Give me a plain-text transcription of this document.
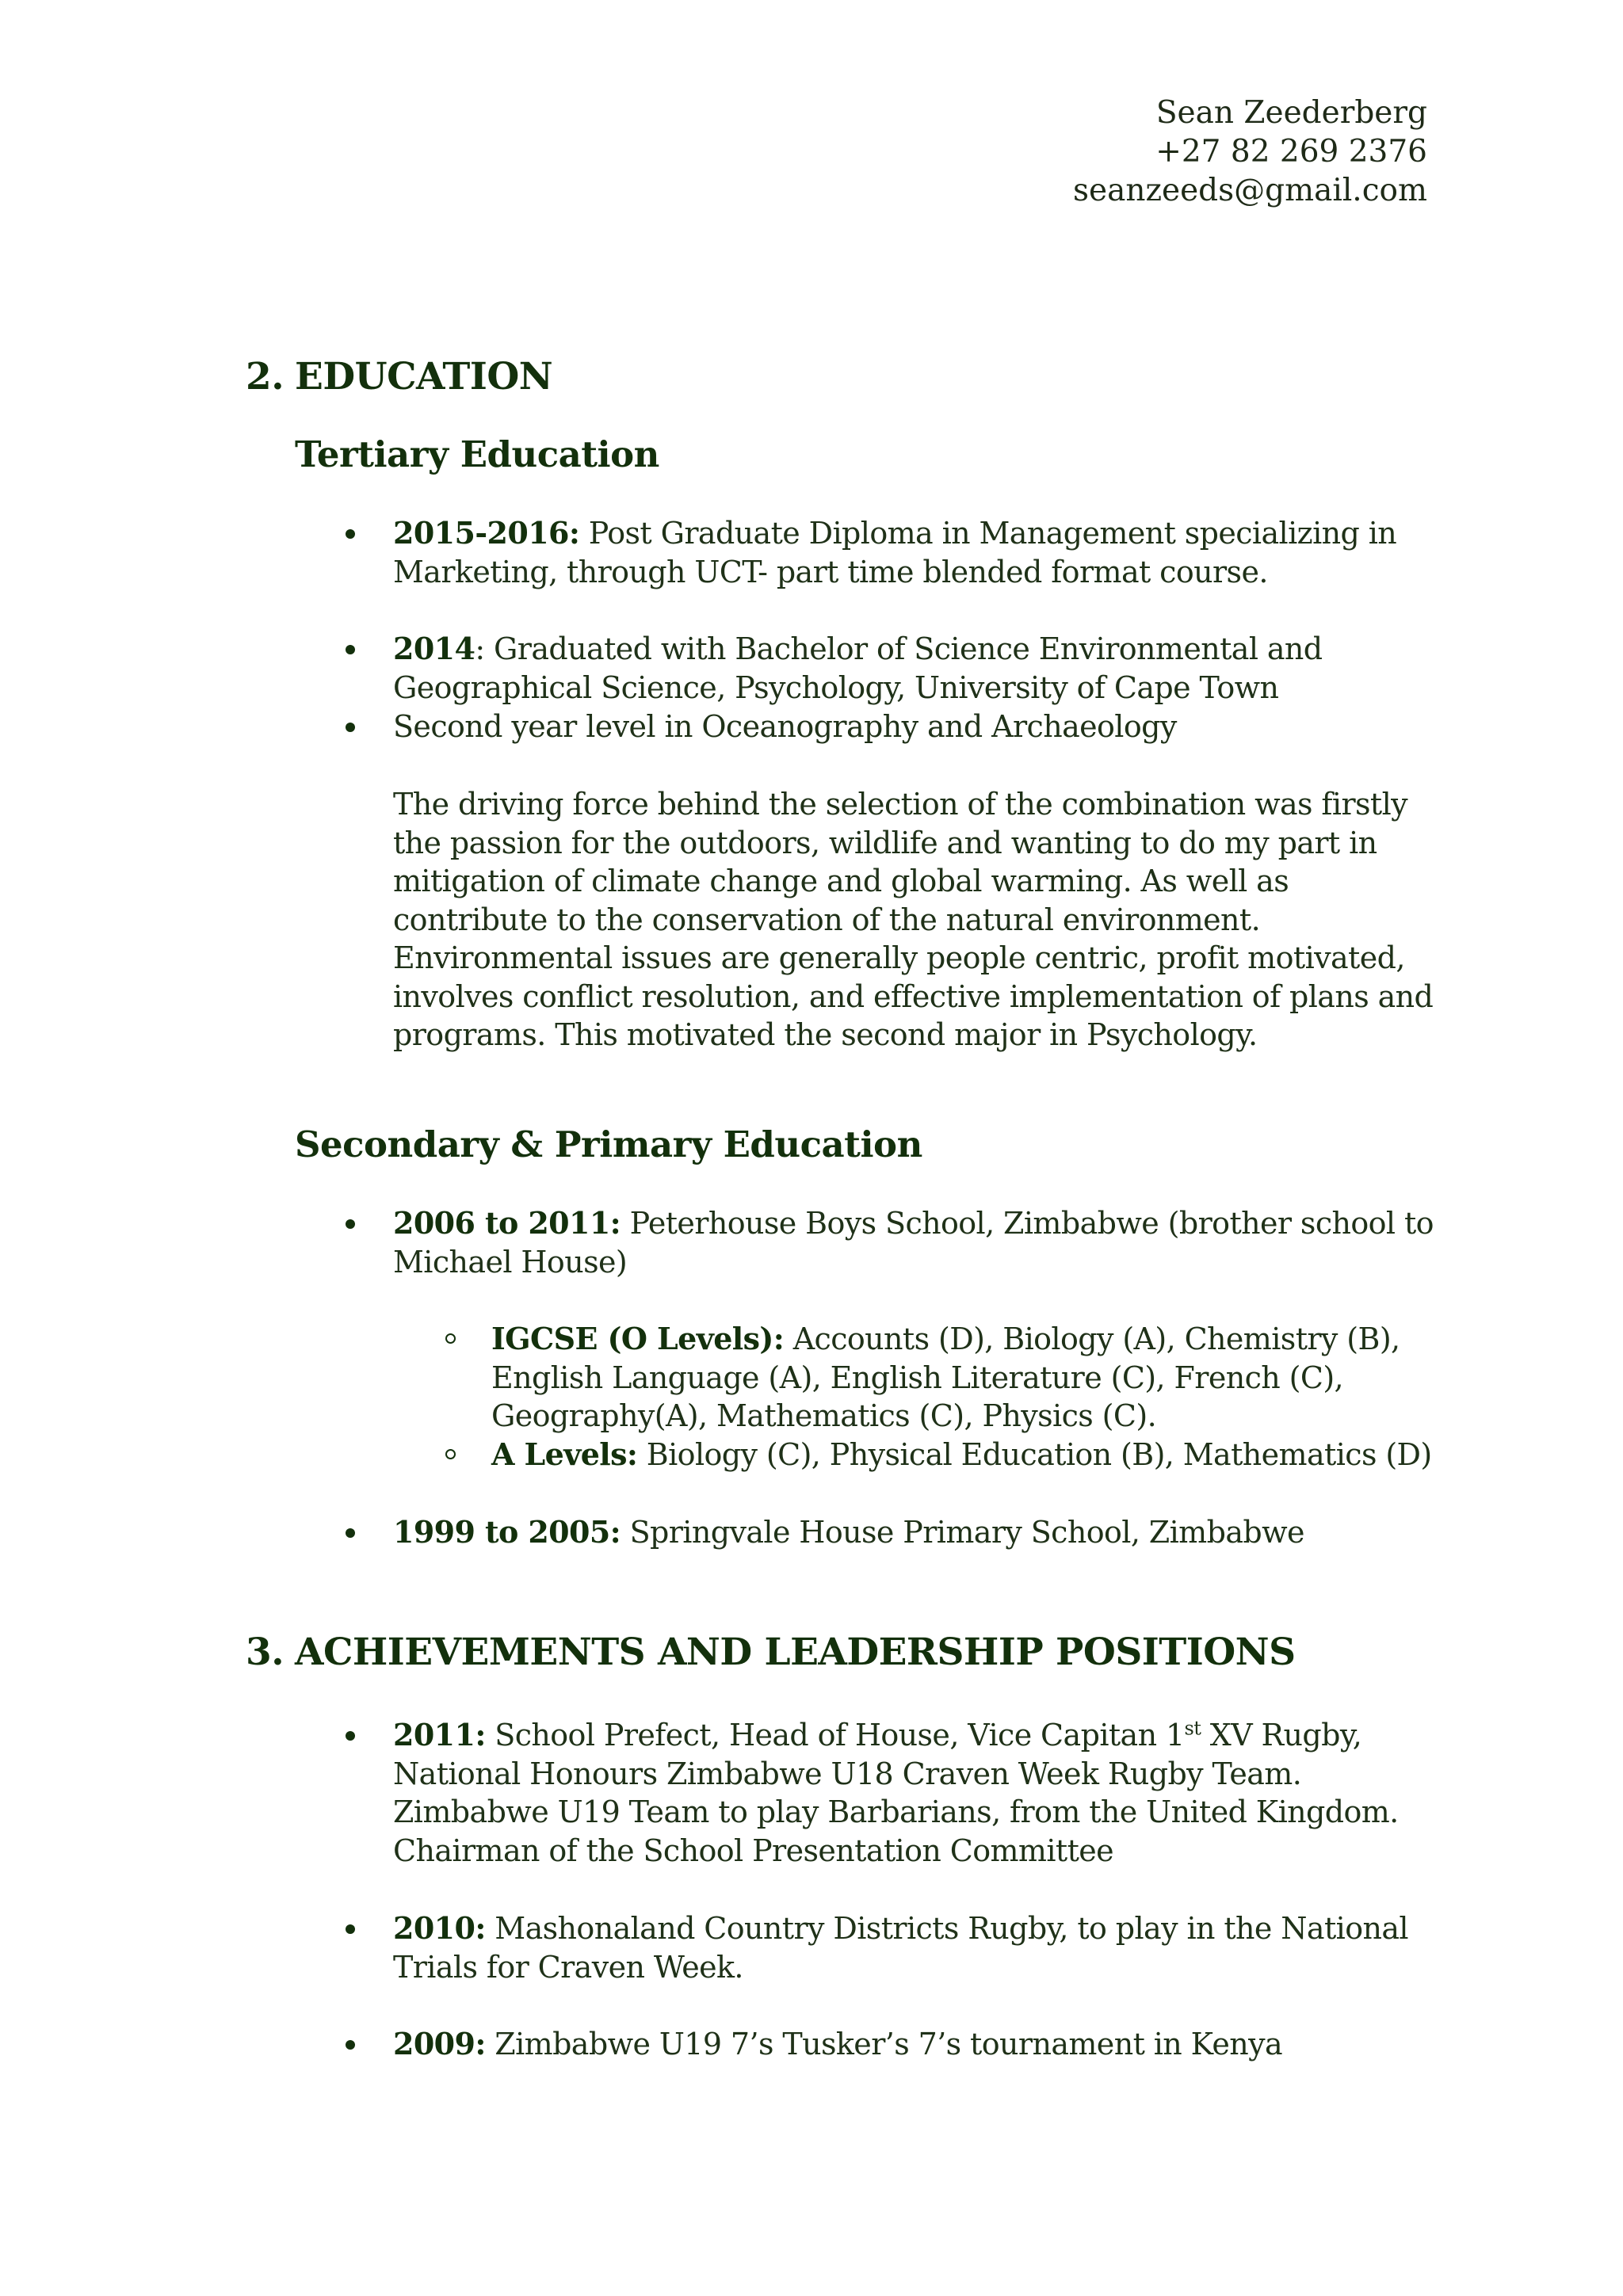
Sean Zeederberg
+27 82 269 2376
seanzeeds@gmail.com
2. EDUCATION
Tertiary Education
2015-2016: Post Graduate Diploma in Management specializing in Marketing, through UCT- part time blended format course.
2014: Graduated with Bachelor of Science Environmental and Geographical Science, Psychology, University of Cape Town
Second year level in Oceanography and Archaeology
The driving force behind the selection of the combination was firstly the passion for the outdoors, wildlife and wanting to do my part in mitigation of climate change and global warming. As well as contribute to the conservation of the natural environment. Environmental issues are generally people centric, profit motivated, involves conflict resolution, and effective implementation of plans and programs. This motivated the second major in Psychology.
Secondary & Primary Education
2006 to 2011: Peterhouse Boys School, Zimbabwe (brother school to Michael House)
IGCSE (O Levels): Accounts (D), Biology (A), Chemistry (B), English Language (A), English Literature (C), French (C), Geography(A), Mathematics (C), Physics (C).
A Levels: Biology (C), Physical Education (B), Mathematics (D)
1999 to 2005: Springvale House Primary School, Zimbabwe
3. ACHIEVEMENTS AND LEADERSHIP POSITIONS
2011: School Prefect, Head of House, Vice Capitan 1st XV Rugby, National Honours Zimbabwe U18 Craven Week Rugby Team.
Zimbabwe U19 Team to play Barbarians, from the United Kingdom.
Chairman of the School Presentation Committee
2010: Mashonaland Country Districts Rugby, to play in the National Trials for Craven Week.
2009: Zimbabwe U19 7’s Tusker’s 7’s tournament in Kenya
